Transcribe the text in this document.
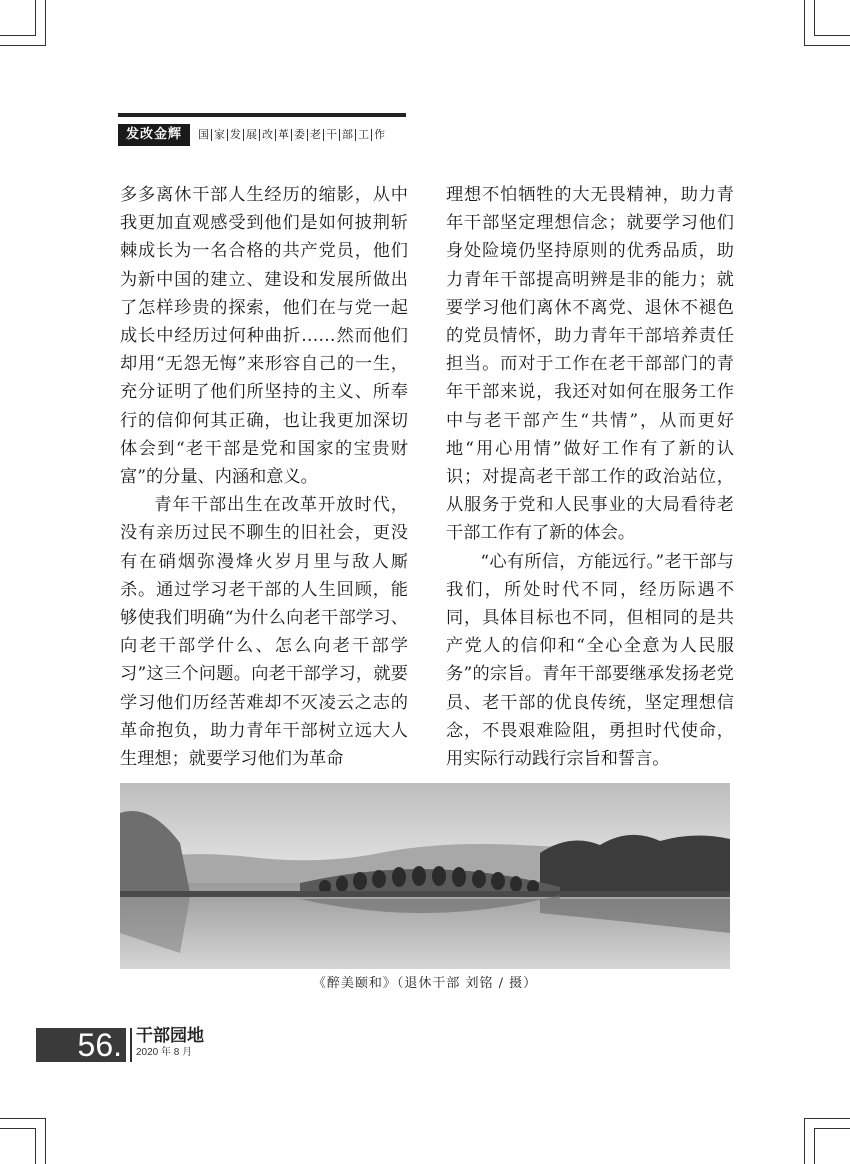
发改金辉	国 家 发 展 改 革 委 老 干 部 工 作

多多离休干部人生经历的缩影，从中我更加直观感受到他们是如何披荆斩棘成长为一名合格的共产党员，他们为新中国的建立、建设和发展所做出了怎样珍贵的探索，他们在与党一起成长中经历过何种曲折……然而他们却用“无怨无悔”来形容自己的一生，充分证明了他们所坚持的主义、所奉行的信仰何其正确，也让我更加深切体会到“老干部是党和国家的宝贵财富”的分量、内涵和意义。

青年干部出生在改革开放时代，没有亲历过民不聊生的旧社会，更没有在硝烟弥漫烽火岁月里与敌人厮杀。通过学习老干部的人生回顾，能够使我们明确“为什么向老干部学习、向老干部学什么、怎么向老干部学习”这三个问题。向老干部学习，就要学习他们历经苦难却不灭凌云之志的革命抱负，助力青年干部树立远大人生理想；就要学习他们为革命

理想不怕牺牲的大无畏精神，助力青年干部坚定理想信念；就要学习他们身处险境仍坚持原则的优秀品质，助力青年干部提高明辨是非的能力；就要学习他们离休不离党、退休不褪色的党员情怀，助力青年干部培养责任担当。而对于工作在老干部部门的青年干部来说，我还对如何在服务工作中与老干部产生“共情”，从而更好地“用心用情”做好工作有了新的认识；对提高老干部工作的政治站位，从服务于党和人民事业的大局看待老干部工作有了新的体会。

“心有所信，方能远行。”老干部与我们，所处时代不同，经历际遇不同，具体目标也不同，但相同的是共产党人的信仰和“全心全意为人民服务”的宗旨。青年干部要继承发扬老党员、老干部的优良传统，坚定理想信念，不畏艰难险阻，勇担时代使命，用实际行动践行宗旨和誓言。

《醉美颐和》（退休干部 刘铭 / 摄）
56. 干部园地
2020 年 8 月
